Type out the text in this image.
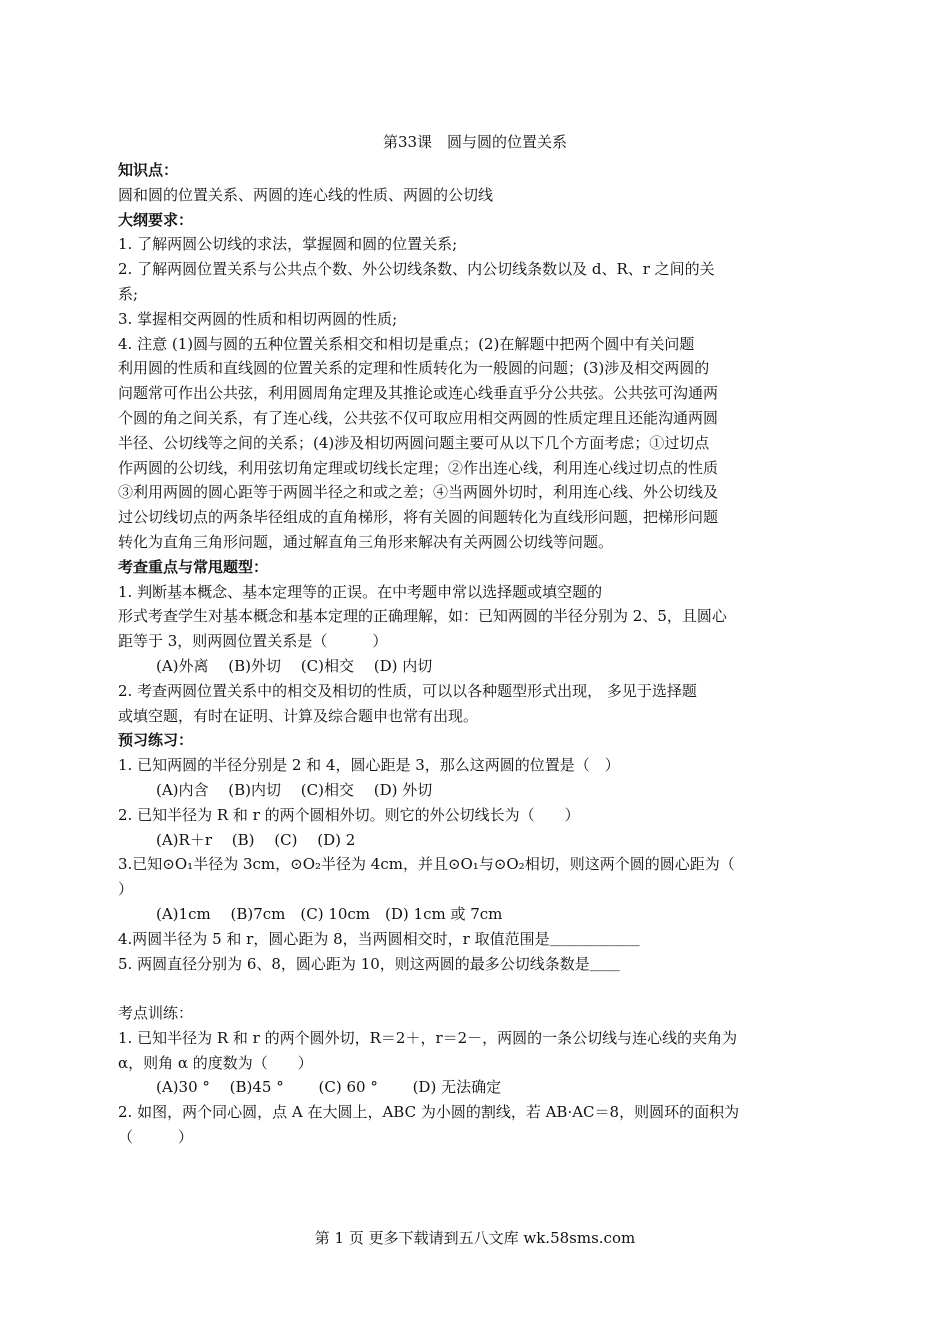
第33课　圆与圆的位置关系
知识点：
圆和圆的位置关系、两圆的连心线的性质、两圆的公切线
大纲要求：
1. 了解两圆公切线的求法，掌握圆和圆的位置关系;
2. 了解两圆位置关系与公共点个数、外公切线条数、内公切线条数以及 d、R、r 之间的关
系;
3. 掌握相交两圆的性质和相切两圆的性质;
4. 注意 (1)圆与圆的五种位置关系相交和相切是重点；(2)在解题中把两个圆中有关问题
利用圆的性质和直线圆的位置关系的定理和性质转化为一般圆的问题；(3)涉及相交两圆的
问题常可作出公共弦，利用圆周角定理及其推论或连心线垂直乎分公共弦。公共弦可沟通两
个圆的角之间关系，有了连心线，公共弦不仅可取应用相交两圆的性质定理且还能沟通两圆
半径、公切线等之间的关系；(4)涉及相切两圆问题主要可从以下几个方面考虑；①过切点
作两圆的公切线，利用弦切角定理或切线长定理；②作出连心线，利用连心线过切点的性质
③利用两圆的圆心距等于两圆半径之和或之差；④当两圆外切时，利用连心线、外公切线及
过公切线切点的两条毕径组成的直角梯形，将有关圆的间题转化为直线形问题，把梯形问题
转化为直角三角形问题，通过解直角三角形来解决有关两圆公切线等问题。
考查重点与常甩题型：
1. 判断基本概念、基本定理等的正误。在中考题申常以选择题或填空题的
形式考查学生对基本概念和基本定理的正确理解，如：已知两圆的半径分别为 2、5，且圆心
距等于 3，则两圆位置关系是（　　　）
(A)外离　 (B)外切　 (C)相交　 (D) 内切
2. 考查两圆位置关系中的相交及相切的性质，可以以各种题型形式出现， 多见于选择题
或填空题，有时在证明、计算及综合题申也常有出现。
预习练习：
1. 已知两圆的半径分别是 2 和 4，圆心距是 3，那么这两圆的位置是（　）
(A)内含　 (B)内切　 (C)相交　 (D) 外切
2. 已知半径为 R 和 r 的两个圆相外切。则它的外公切线长为（　　）
(A)R＋r　 (B)　 (C)　 (D) 2
3.已知⊙O₁半径为 3cm，⊙O₂半径为 4cm，并且⊙O₁与⊙O₂相切，则这两个圆的圆心距为（
）
(A)1cm　 (B)7cm　(C) 10cm　(D) 1cm 或 7cm
4.两圆半径为 5 和 r，圆心距为 8，当两圆相交时，r 取值范围是＿＿＿＿＿＿
5. 两圆直径分别为 6、8，圆心距为 10，则这两圆的最多公切线条数是＿＿
考点训练：
1. 已知半径为 R 和 r 的两个圆外切，R＝2＋，r＝2－，两圆的一条公切线与连心线的夹角为
α，则角 α 的度数为（　　）
(A)30 °　 (B)45 °　　 (C) 60 °　　 (D) 无法确定
2. 如图，两个同心圆，点 A 在大圆上，ABC 为小圆的割线，若 AB·AC＝8，则圆环的面积为
（　　　）
第 1 页 更多下载请到五八文库 wk.58sms.com
